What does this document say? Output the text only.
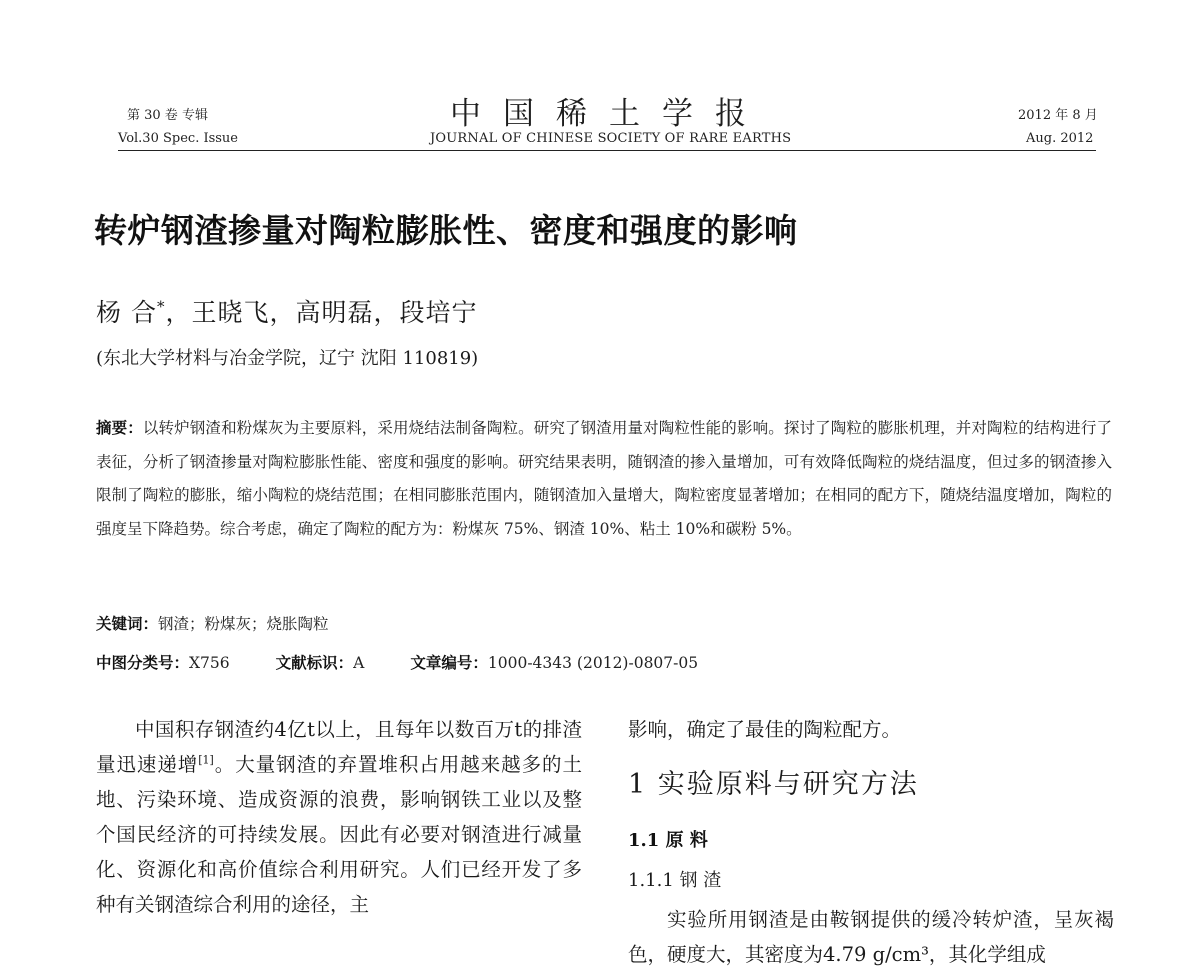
第 30 卷 专辑
Vol.30 Spec. Issue
中国稀土学报
JOURNAL OF CHINESE SOCIETY OF RARE EARTHS
2012 年 8 月
Aug. 2012
转炉钢渣掺量对陶粒膨胀性、密度和强度的影响
杨 合*，王晓飞，高明磊，段培宁
(东北大学材料与冶金学院，辽宁 沈阳 110819)
摘要：以转炉钢渣和粉煤灰为主要原料，采用烧结法制备陶粒。研究了钢渣用量对陶粒性能的影响。探讨了陶粒的膨胀机理，并对陶粒的结构进行了表征，分析了钢渣掺量对陶粒膨胀性能、密度和强度的影响。研究结果表明，随钢渣的掺入量增加，可有效降低陶粒的烧结温度，但过多的钢渣掺入限制了陶粒的膨胀，缩小陶粒的烧结范围；在相同膨胀范围内，随钢渣加入量增大，陶粒密度显著增加；在相同的配方下，随烧结温度增加，陶粒的强度呈下降趋势。综合考虑，确定了陶粒的配方为：粉煤灰 75%、钢渣 10%、粘土 10%和碳粉 5%。
关键词：钢渣；粉煤灰；烧胀陶粒
中图分类号：X756	文献标识：A	文章编号：1000-4343 (2012)-0807-05

中国积存钢渣约4亿t以上，且每年以数百万t的排渣量迅速递增[1]。大量钢渣的弃置堆积占用越来越多的土地、污染环境、造成资源的浪费，影响钢铁工业以及整个国民经济的可持续发展。因此有必要对钢渣进行减量化、资源化和高价值综合利用研究。人们已经开发了多种有关钢渣综合利用的途径，主

影响，确定了最佳的陶粒配方。

1 实验原料与研究方法
1.1 原 料
1.1.1 钢 渣

实验所用钢渣是由鞍钢提供的缓冷转炉渣，呈灰褐色，硬度大，其密度为4.79 g/cm³，其化学组成
